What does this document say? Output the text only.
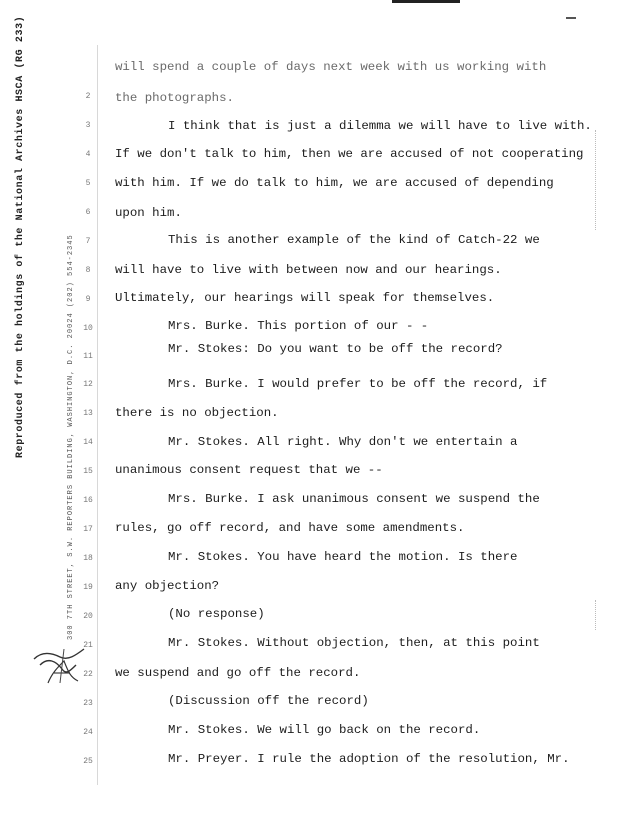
Reproduced from the holdings of the National Archives HSCA (RG 233)	300 7TH STREET, S.W. REPORTERS BUILDING, WASHINGTON, D.C. 20024 (202) 554-2345
2
3
4
5
6
7
8
9
10
11
12
13
14
15
16
17
18
19
20
21
22
23
24
25
will spend a couple of days next week with us working with
the photographs.
I think that is just a dilemma we will have to live with.
If we don't talk to him, then we are accused of not cooperating
with him. If we do talk to him, we are accused of depending
upon him.
This is another example of the kind of Catch-22 we
will have to live with between now and our hearings.
Ultimately, our hearings will speak for themselves.
Mrs. Burke. This portion of our - -
Mr. Stokes: Do you want to be off the record?
Mrs. Burke. I would prefer to be off the record, if
there is no objection.
Mr. Stokes. All right. Why don't we entertain a
unanimous consent request that we --
Mrs. Burke. I ask unanimous consent we suspend the
rules, go off record, and have some amendments.
Mr. Stokes. You have heard the motion. Is there
any objection?
(No response)
Mr. Stokes. Without objection, then, at this point
we suspend and go off the record.
(Discussion off the record)
Mr. Stokes. We will go back on the record.
Mr. Preyer. I rule the adoption of the resolution, Mr.
